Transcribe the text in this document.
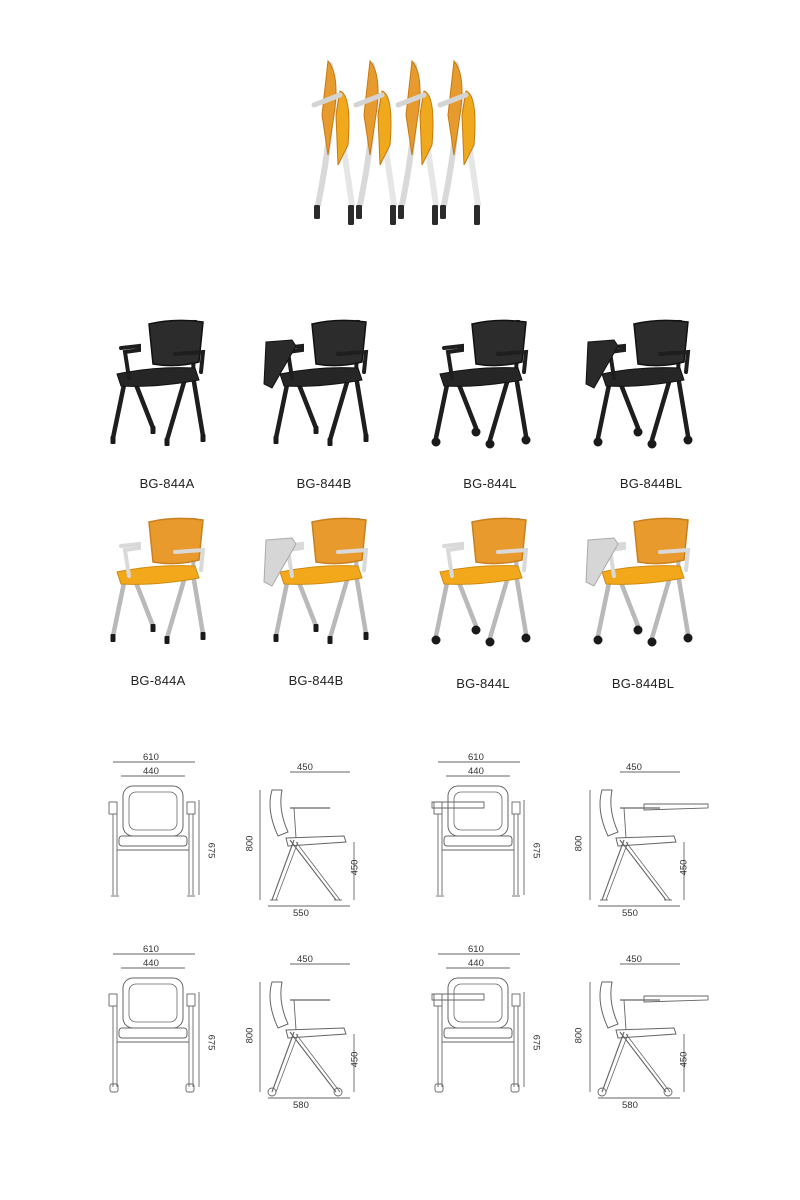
BG-844A	BG-844B	BG-844L	BG-844BL
BG-844A	BG-844B	BG-844L	BG-844BL
610
440
675
450
800
450
550
610
440
675
450
800
450
550
610
440
675
450
800
450
580
610
440
675
450
800
450
580
